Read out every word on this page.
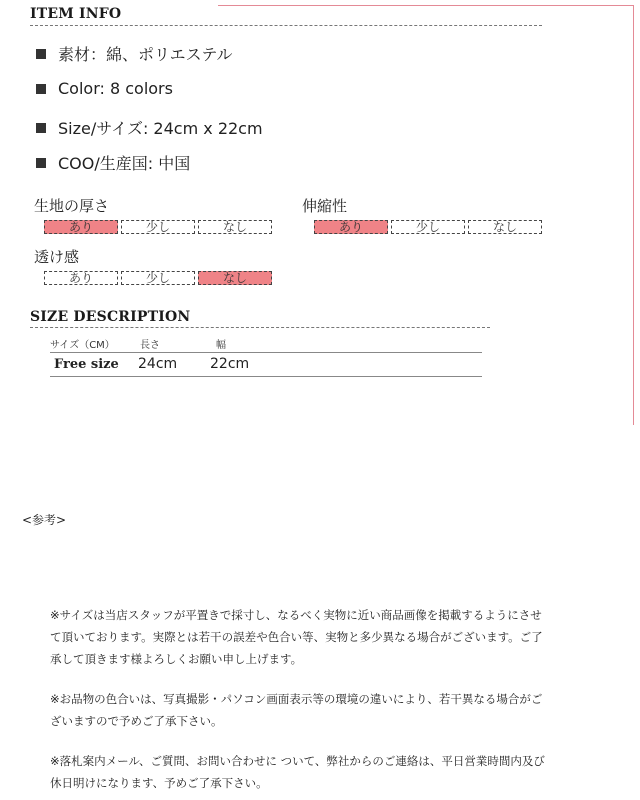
ITEM INFO
素材：綿、ポリエステル
Color: 8 colors
Size/サイズ: 24cm x 22cm
COO/生産国: 中国
生地の厚さ
あり	少し	なし
伸縮性
あり	少し	なし
透け感
あり	少し	なし
SIZE DESCRIPTION
サイズ（CM）	長さ	幅
Free size 24cm 22cm
<参考>
※サイズは当店スタッフが平置きで採寸し、なるべく実物に近い商品画像を掲載するようにさせて頂いております。実際とは若干の誤差や色合い等、実物と多少異なる場合がございます。ご了承して頂きます様よろしくお願い申し上げます。
※お品物の色合いは、写真撮影・パソコン画面表示等の環境の違いにより、若干異なる場合がございますので予めご了承下さい。
※落札案内メール、ご質問、お問い合わせに ついて、弊社からのご連絡は、平日営業時間内及び休日明けになります、予めご了承下さい。
